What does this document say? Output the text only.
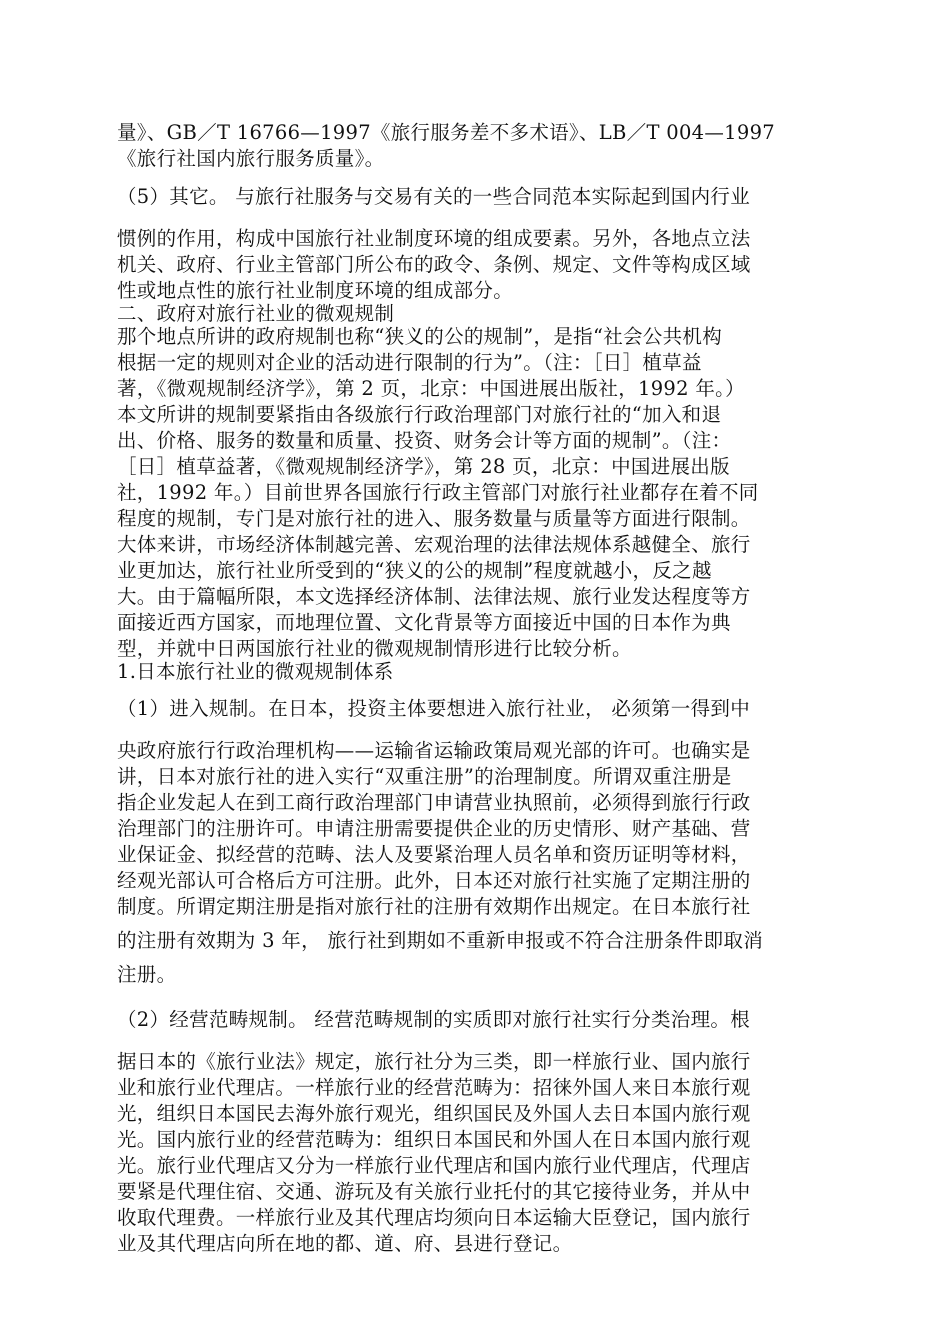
量》、GB／T 16766—1997《旅行服务差不多术语》、LB／T 004—1997
《旅行社国内旅行服务质量》。
（5）其它。 与旅行社服务与交易有关的一些合同范本实际起到国内行业
惯例的作用，构成中国旅行社业制度环境的组成要素。另外，各地点立法
机关、政府、行业主管部门所公布的政令、条例、规定、文件等构成区域
性或地点性的旅行社业制度环境的组成部分。
二、政府对旅行社业的微观规制
那个地点所讲的政府规制也称“狭义的公的规制”，是指“社会公共机构
根据一定的规则对企业的活动进行限制的行为”。（注：［日］植草益
著，《微观规制经济学》，第 2 页，北京：中国进展出版社，1992 年。）
本文所讲的规制要紧指由各级旅行行政治理部门对旅行社的“加入和退
出、价格、服务的数量和质量、投资、财务会计等方面的规制”。（注：
［日］植草益著，《微观规制经济学》，第 28 页，北京：中国进展出版
社，1992 年。）目前世界各国旅行行政主管部门对旅行社业都存在着不同
程度的规制，专门是对旅行社的进入、服务数量与质量等方面进行限制。
大体来讲，市场经济体制越完善、宏观治理的法律法规体系越健全、旅行
业更加达，旅行社业所受到的“狭义的公的规制”程度就越小，反之越
大。由于篇幅所限，本文选择经济体制、法律法规、旅行业发达程度等方
面接近西方国家，而地理位置、文化背景等方面接近中国的日本作为典
型，并就中日两国旅行社业的微观规制情形进行比较分析。
1.日本旅行社业的微观规制体系
（1）进入规制。在日本，投资主体要想进入旅行社业， 必须第一得到中
央政府旅行行政治理机构——运输省运输政策局观光部的许可。也确实是
讲，日本对旅行社的进入实行“双重注册”的治理制度。所谓双重注册是
指企业发起人在到工商行政治理部门申请营业执照前，必须得到旅行行政
治理部门的注册许可。申请注册需要提供企业的历史情形、财产基础、营
业保证金、拟经营的范畴、法人及要紧治理人员名单和资历证明等材料，
经观光部认可合格后方可注册。此外，日本还对旅行社实施了定期注册的
制度。所谓定期注册是指对旅行社的注册有效期作出规定。在日本旅行社
的注册有效期为 3 年， 旅行社到期如不重新申报或不符合注册条件即取消
注册。
（2）经营范畴规制。 经营范畴规制的实质即对旅行社实行分类治理。根
据日本的《旅行业法》规定，旅行社分为三类，即一样旅行业、国内旅行
业和旅行业代理店。一样旅行业的经营范畴为：招徕外国人来日本旅行观
光，组织日本国民去海外旅行观光，组织国民及外国人去日本国内旅行观
光。国内旅行业的经营范畴为：组织日本国民和外国人在日本国内旅行观
光。旅行业代理店又分为一样旅行业代理店和国内旅行业代理店，代理店
要紧是代理住宿、交通、游玩及有关旅行业托付的其它接待业务，并从中
收取代理费。一样旅行业及其代理店均须向日本运输大臣登记，国内旅行
业及其代理店向所在地的都、道、府、县进行登记。
